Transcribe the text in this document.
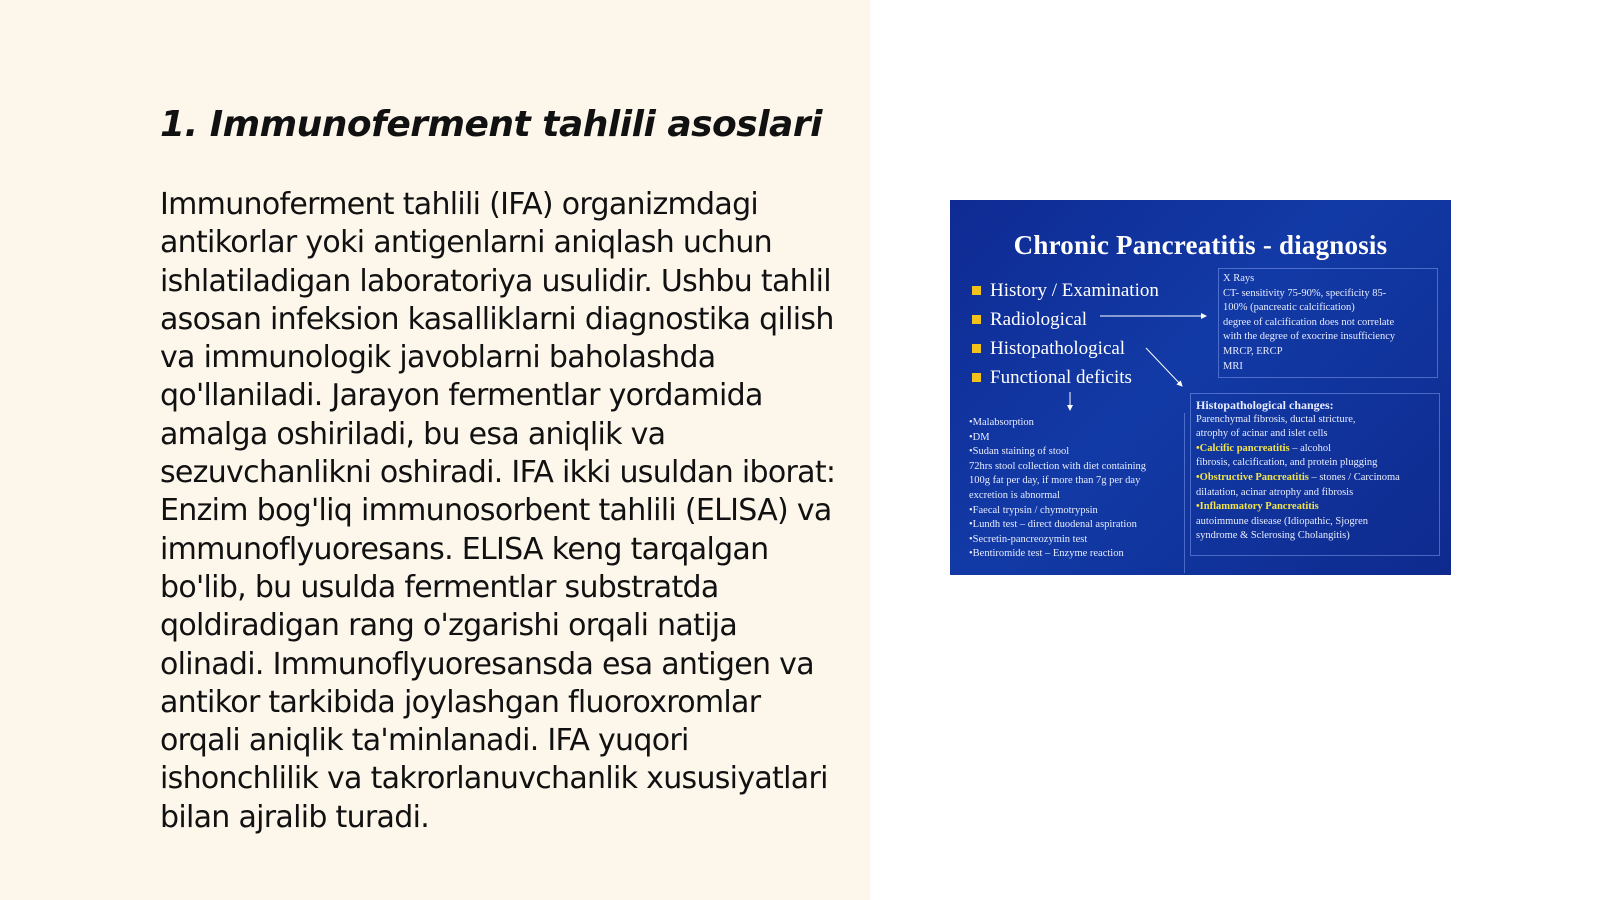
1. Immunoferment tahlili asoslari

Immunoferment tahlili (IFA) organizmdagi antikorlar yoki antigenlarni aniqlash uchun ishlatiladigan laboratoriya usulidir. Ushbu tahlil asosan infeksion kasalliklarni diagnostika qilish va immunologik javoblarni baholashda qo'llaniladi. Jarayon fermentlar yordamida amalga oshiriladi, bu esa aniqlik va sezuvchanlikni oshiradi. IFA ikki usuldan iborat: Enzim bog'liq immunosorbent tahlili (ELISA) va immunoflyuoresans. ELISA keng tarqalgan bo'lib, bu usulda fermentlar substratda qoldiradigan rang o'zgarishi orqali natija olinadi. Immunoflyuoresansda esa antigen va antikor tarkibida joylashgan fluoroxromlar orqali aniqlik ta'minlanadi. IFA yuqori ishonchlilik va takrorlanuvchanlik xususiyatlari bilan ajralib turadi.

Chronic Pancreatitis - diagnosis
History / Examination
Radiological
Histopathological
Functional deficits
X Rays
CT- sensitivity 75-90%, specificity 85-
100% (pancreatic calcification)
degree of calcification does not correlate
with the degree of exocrine insufficiency
MRCP, ERCP
MRI
•Malabsorption
•DM
•Sudan staining of stool
72hrs stool collection with diet containing
100g fat per day, if more than 7g per day
excretion is abnormal
•Faecal trypsin / chymotrypsin
•Lundh test – direct duodenal aspiration
•Secretin-pancreozymin test
•Bentiromide test – Enzyme reaction
Histopathological changes:
Parenchymal fibrosis, ductal stricture,
atrophy of acinar and islet cells
•Calcific pancreatitis – alcohol
fibrosis, calcification, and protein plugging
•Obstructive Pancreatitis – stones / Carcinoma
dilatation, acinar atrophy and fibrosis
•Inflammatory Pancreatitis
autoimmune disease (Idiopathic, Sjogren
syndrome & Sclerosing Cholangitis)
